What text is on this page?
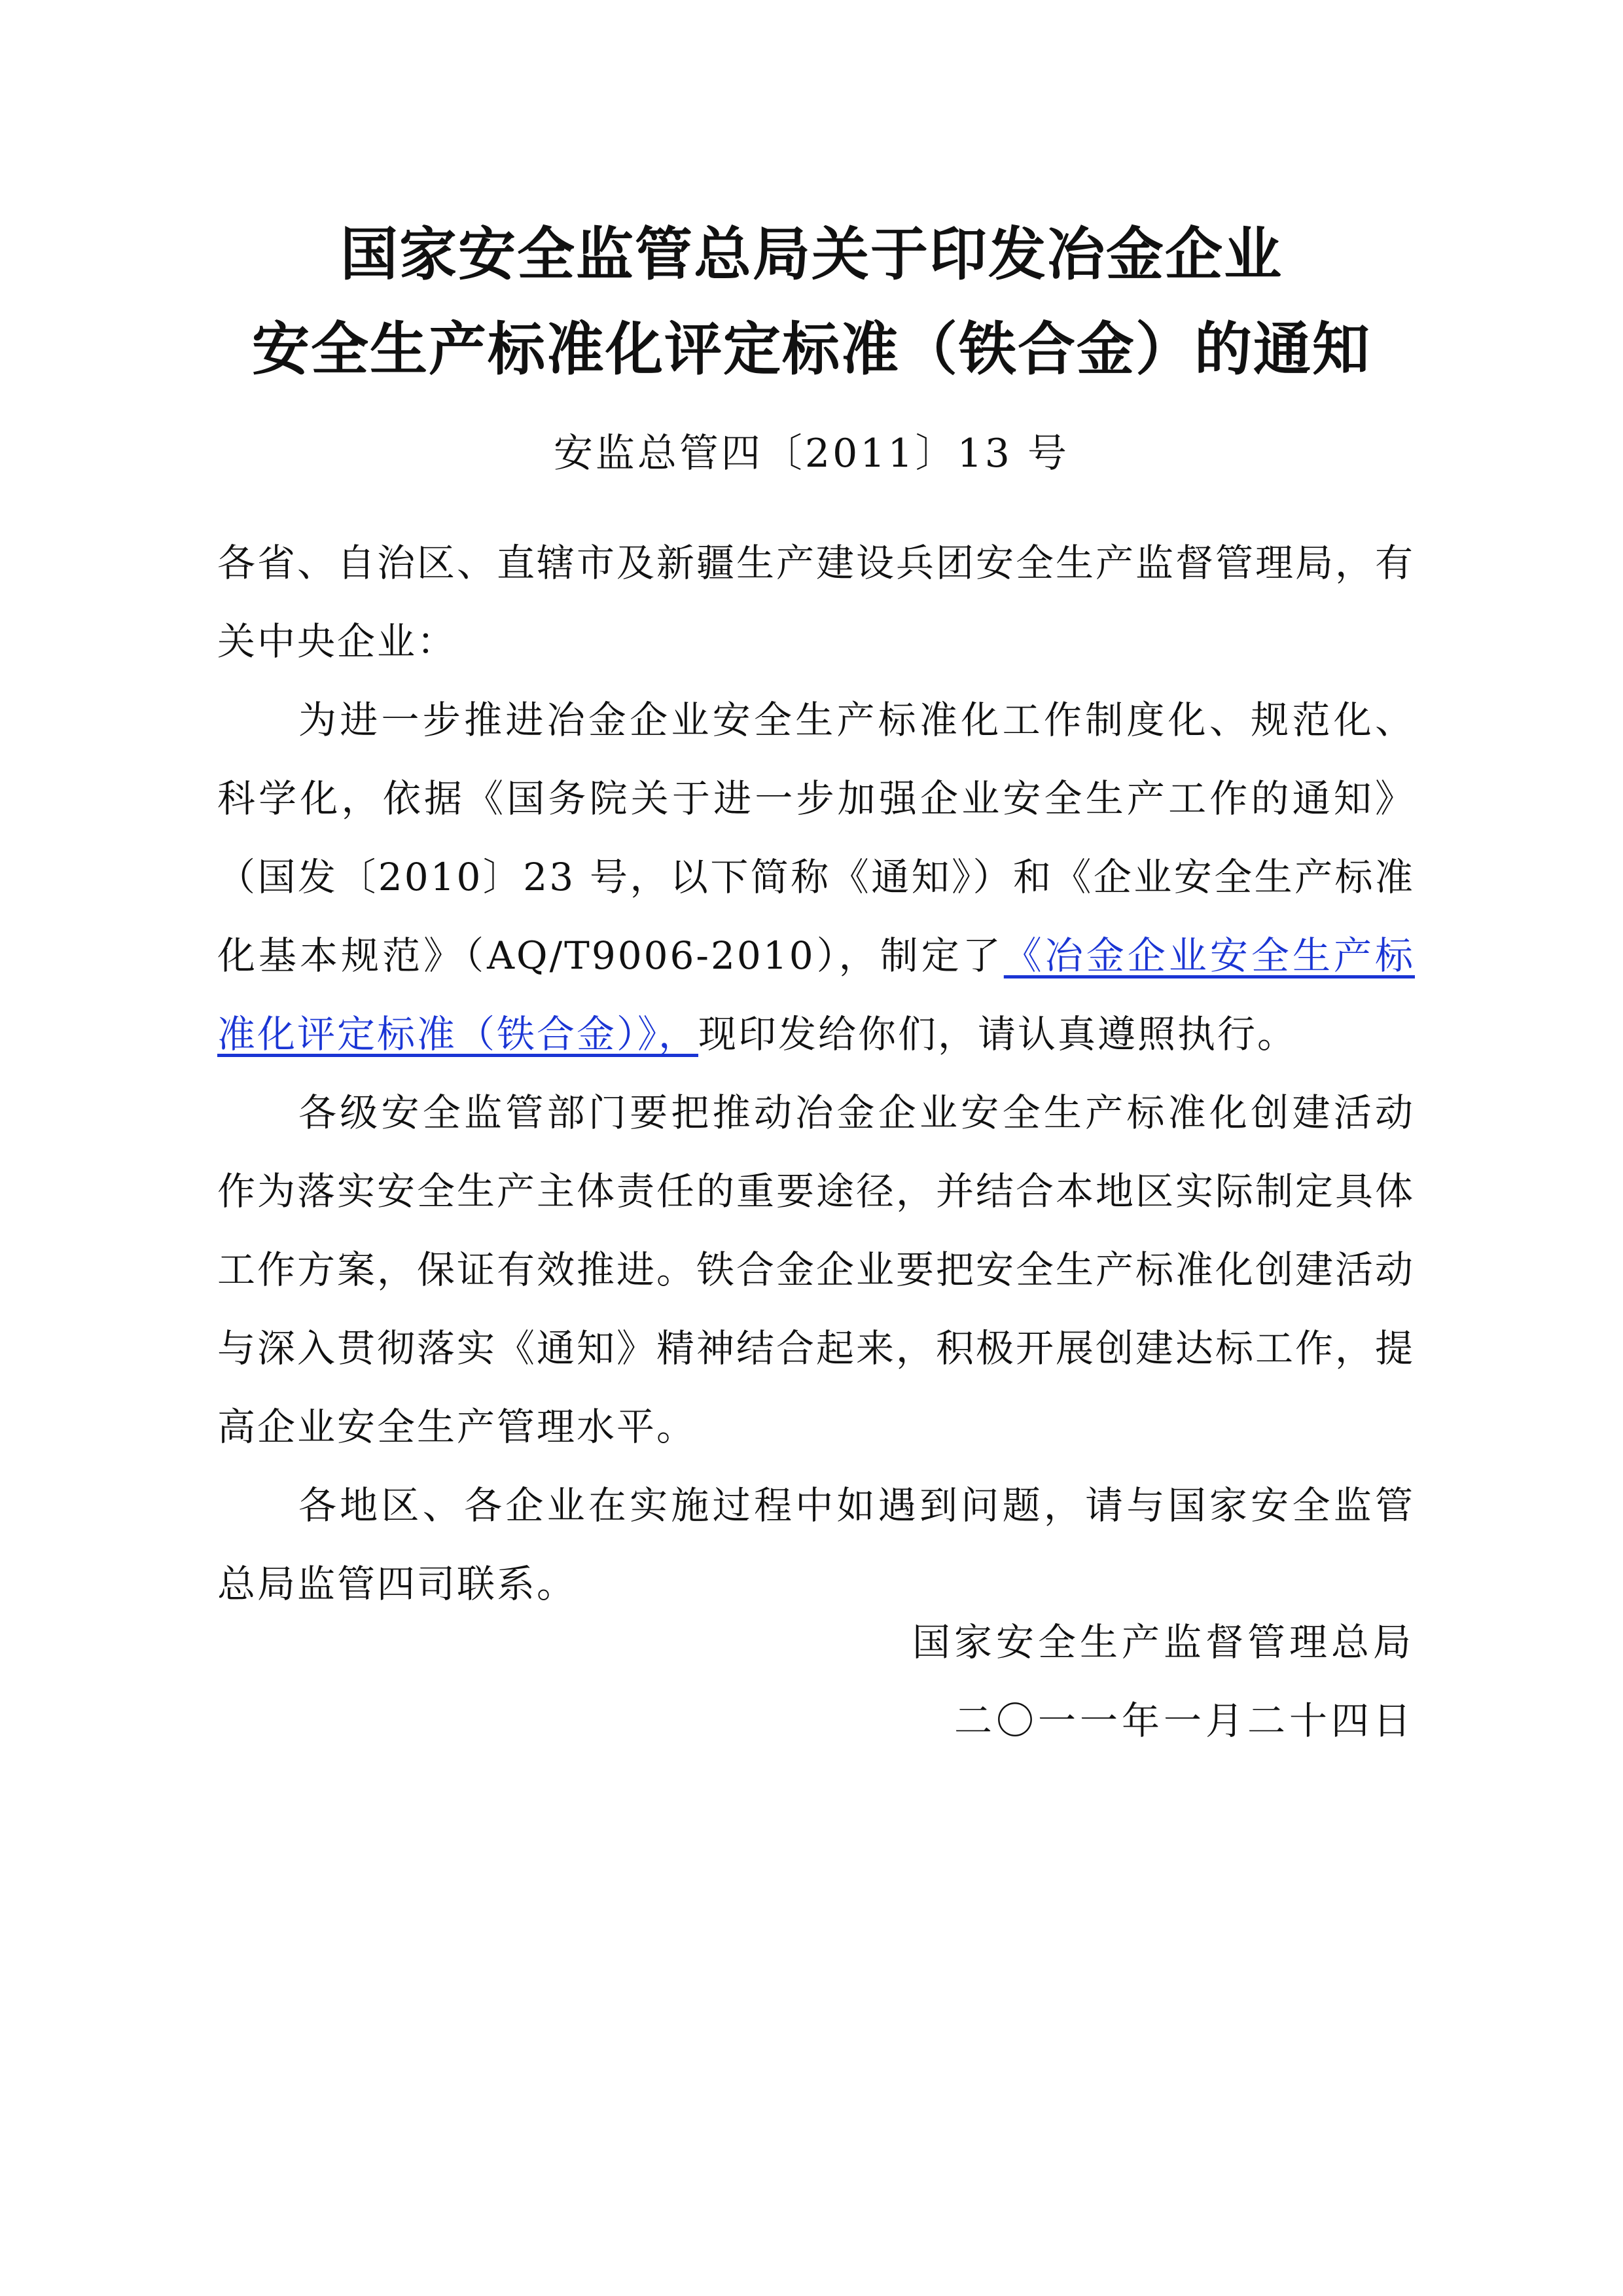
国家安全监管总局关于印发冶金企业
安全生产标准化评定标准（铁合金）的通知
安监总管四〔2011〕13 号

各省、自治区、直辖市及新疆生产建设兵团安全生产监督管理局，有关中央企业：

为进一步推进冶金企业安全生产标准化工作制度化、规范化、科学化，依据《国务院关于进一步加强企业安全生产工作的通知》（国发〔2010〕23 号，以下简称《通知》）和《企业安全生产标准化基本规范》（AQ/T9006-2010），制定了《冶金企业安全生产标准化评定标准（铁合金）》，现印发给你们，请认真遵照执行。

各级安全监管部门要把推动冶金企业安全生产标准化创建活动作为落实安全生产主体责任的重要途径，并结合本地区实际制定具体工作方案，保证有效推进。铁合金企业要把安全生产标准化创建活动与深入贯彻落实《通知》精神结合起来，积极开展创建达标工作，提高企业安全生产管理水平。

各地区、各企业在实施过程中如遇到问题，请与国家安全监管总局监管四司联系。

国家安全生产监督管理总局
二〇一一年一月二十四日
